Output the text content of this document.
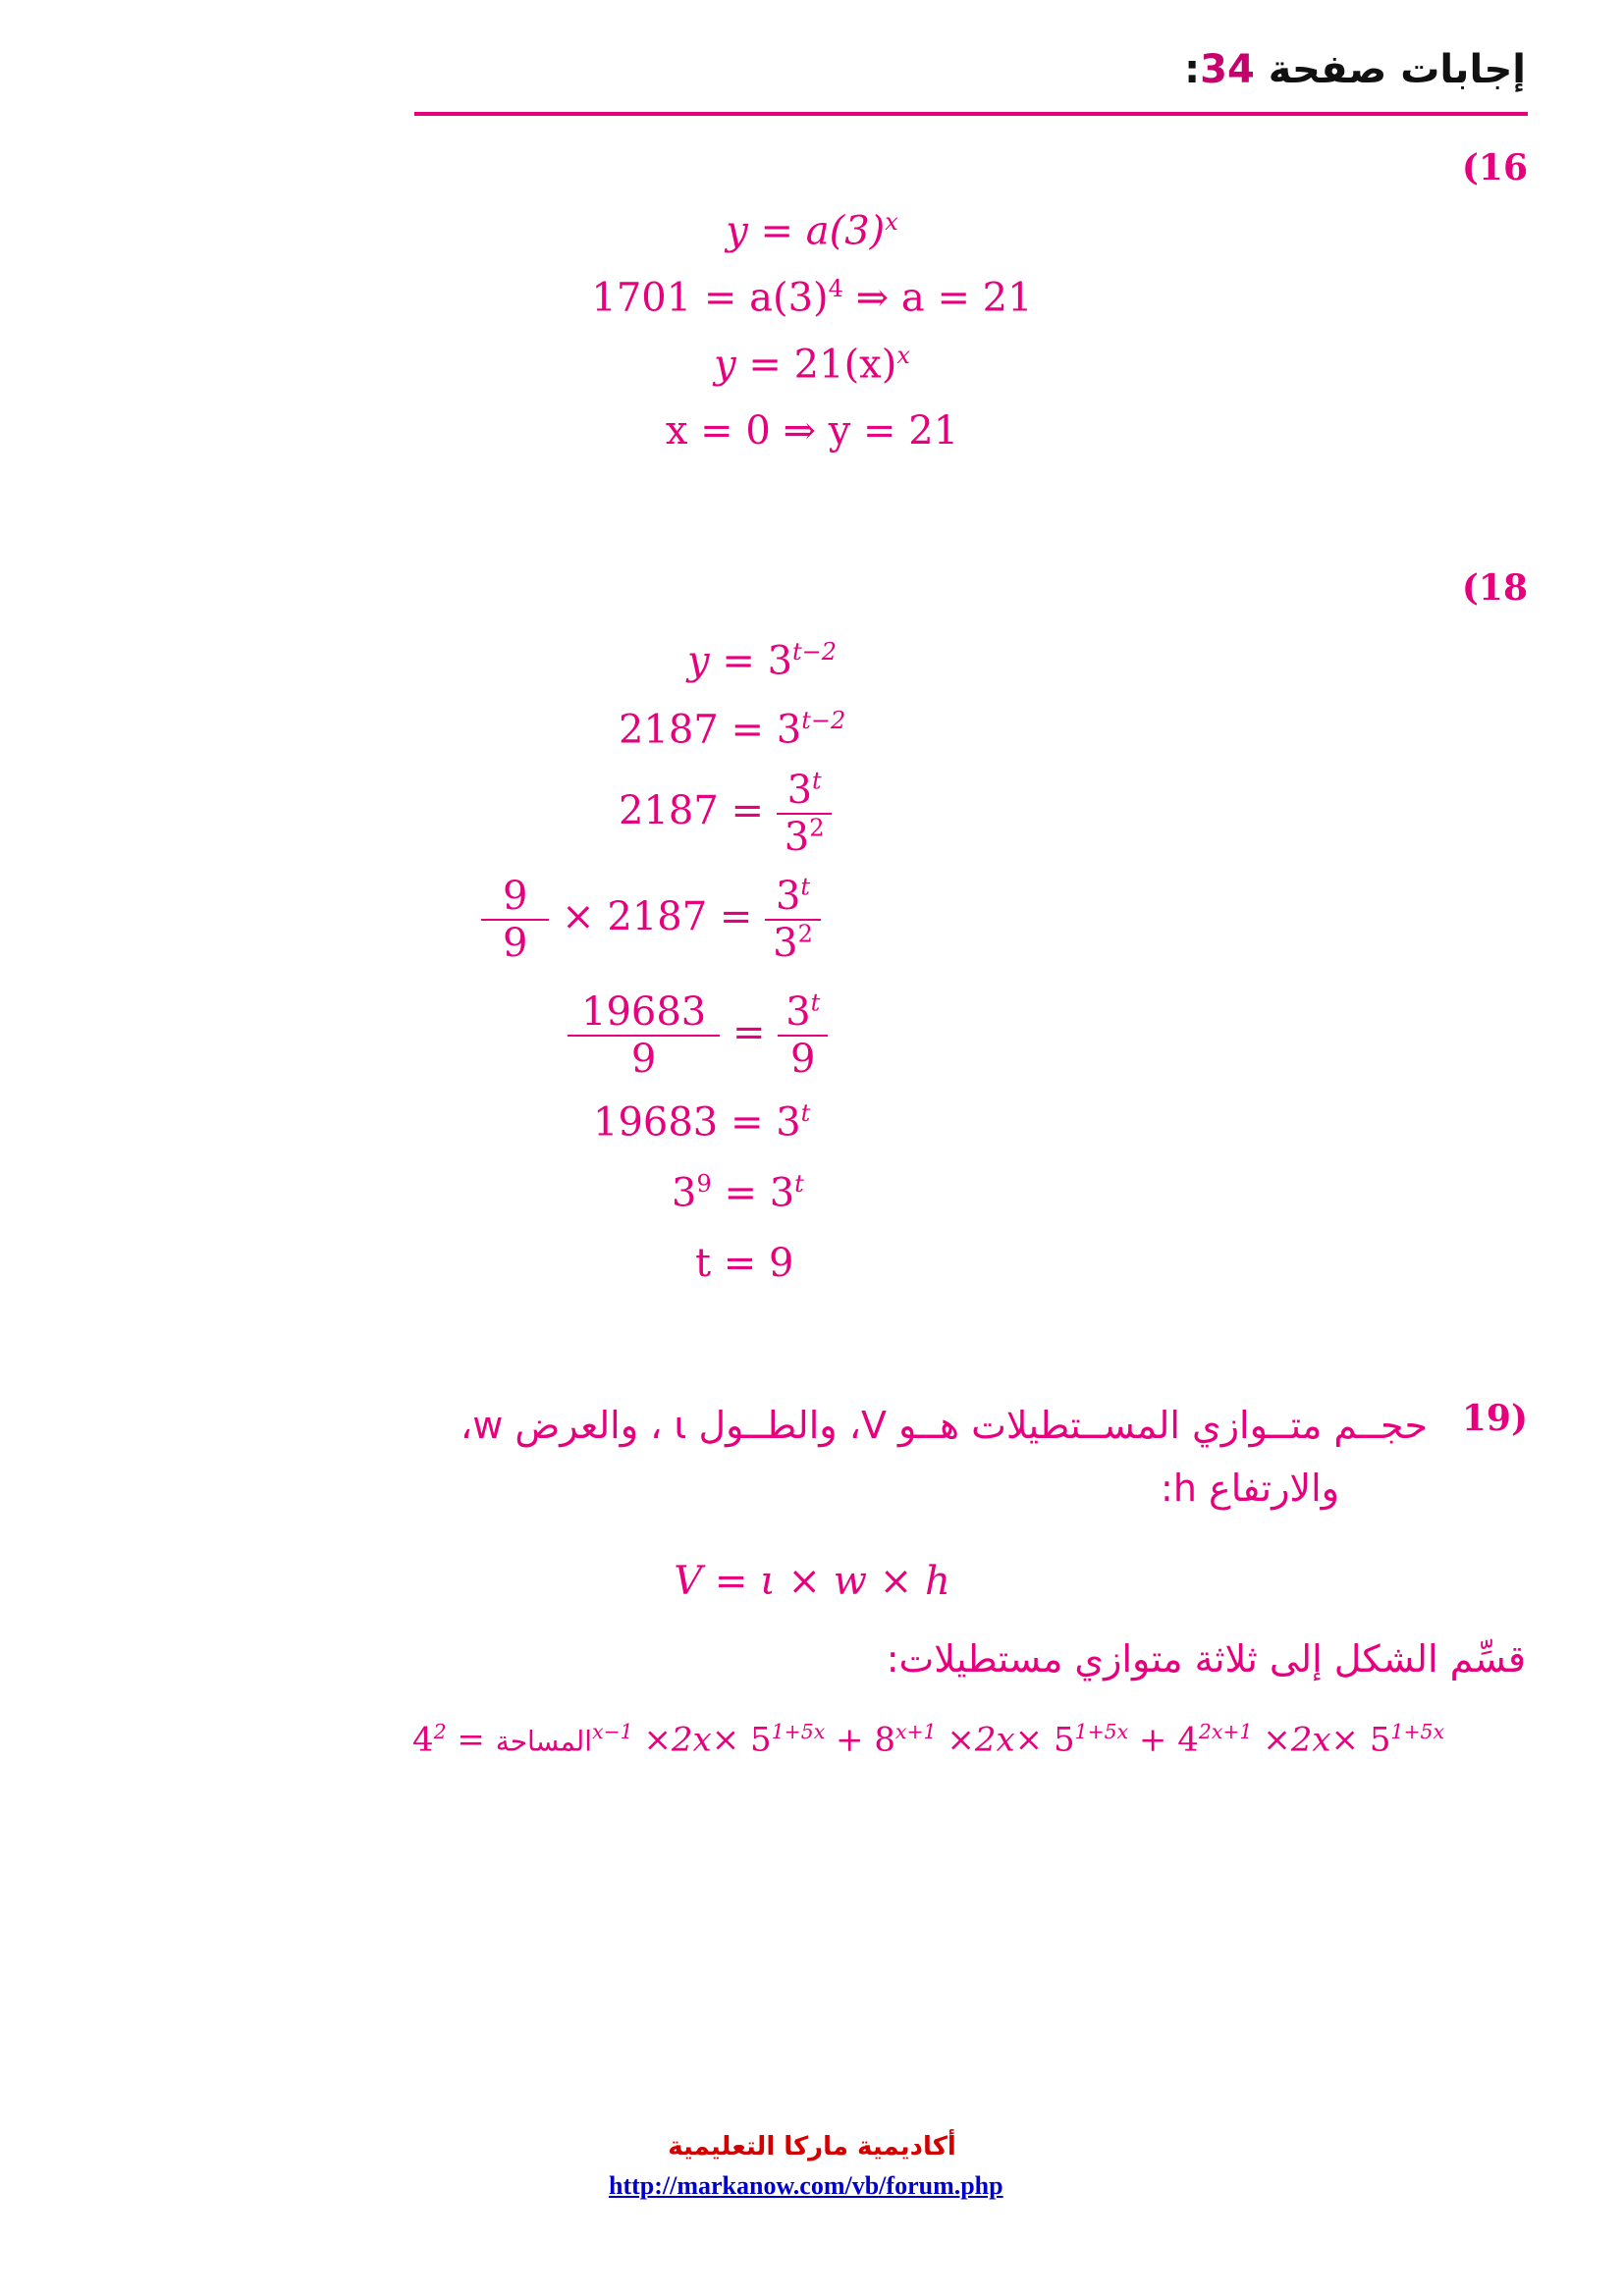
إجابات صفحة 34:
(16
$y = a(3)^x$
$1701 = a(3)^4$ ⇒ a = 21
$y = 21(x)^x$
x = 0 ⇒ y = 21
(18
$y = 3^{t-2}$
$2187 = 3^{t-2}$
$2187 = \frac{3^t}{3^2}$
$\frac{9}{9} \times 2187 = \frac{3^t}{3^2}$
$\frac{19683}{9} = \frac{3^t}{9}$
$19683 = 3^t$
$3^9 = 3^t$
t = 9
19)
حجــم متــوازي المســتطيلات هــو V، والطــول ι ، والعرض w،
والارتفاع h:
V = ι × w × h
قسِّم الشكل إلى ثلاثة متوازي مستطيلات:
المساحة = $4^{2x-1} \times 2x\times 5^{1+5x} + 8^{x+1} \times 2x\times 5^{1+5x} + 4^{2x+1} \times 2x\times 5^{1+5x}$
أكاديمية ماركا التعليمية
http://markanow.com/vb/forum.php
